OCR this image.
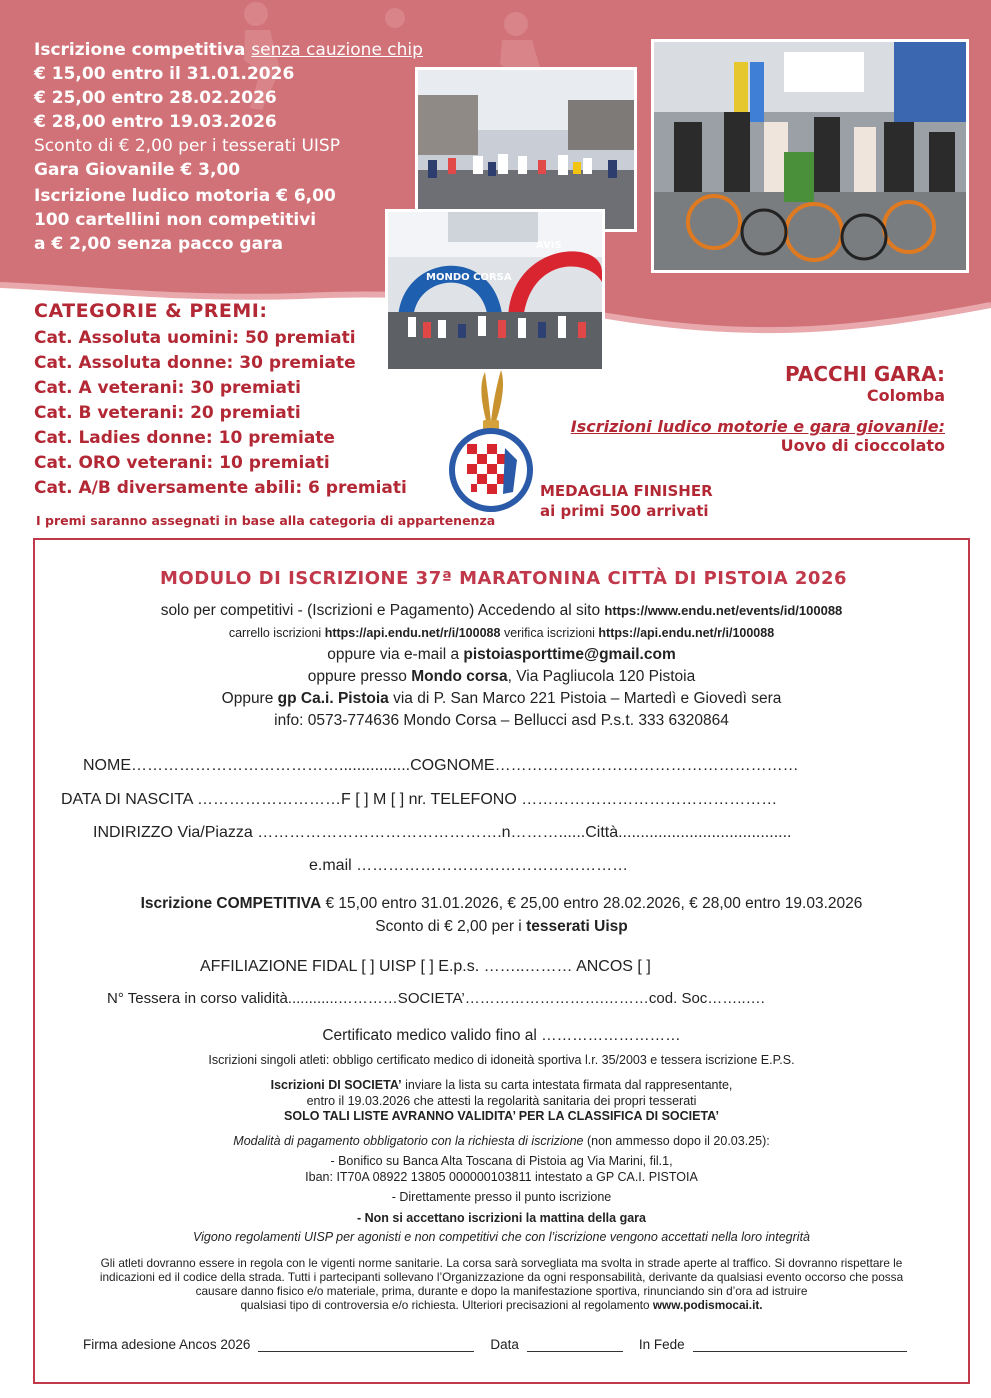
Iscrizione competitiva senza cauzione chip
€ 15,00 entro il 31.01.2026
€ 25,00 entro 28.02.2026
€ 28,00 entro 19.03.2026
Sconto di € 2,00 per i tesserati UISP
Gara Giovanile € 3,00
Iscrizione ludico motoria € 6,00
100 cartellini non competitivi
a € 2,00 senza pacco gara
MONDO CORSA
AVIS
CATEGORIE & PREMI:
Cat. Assoluta uomini: 50 premiati
Cat. Assoluta donne: 30 premiate
Cat. A veterani: 30 premiati
Cat. B veterani: 20 premiati
Cat. Ladies donne: 10 premiate
Cat. ORO veterani: 10 premiati
Cat. A/B diversamente abili: 6 premiati
I premi saranno assegnati in base alla categoria di appartenenza
MEDAGLIA FINISHER
ai primi 500 arrivati
PACCHI GARA:
Colomba
Iscrizioni ludico motorie e gara giovanile:
Uovo di cioccolato
MODULO DI ISCRIZIONE 37ª MARATONINA CITTÀ DI PISTOIA 2026
solo per competitivi - (Iscrizioni e Pagamento) Accedendo al sito https://www.endu.net/events/id/100088
carrello iscrizioni https://api.endu.net/r/i/100088 verifica iscrizioni https://api.endu.net/r/i/100088
oppure via e-mail a pistoiasporttime@gmail.com
oppure presso Mondo corsa, Via Pagliucola 120 Pistoia
Oppure gp Ca.i. Pistoia via di P. San Marco 221 Pistoia – Martedì e Giovedì sera
info: 0573-774636 Mondo Corsa – Bellucci asd P.s.t. 333 6320864
NOME…………………………………................COGNOME…………………………………………………
DATA DI NASCITA ………………………F [ ] M [ ] nr. TELEFONO …………………………………………
INDIRIZZO Via/Piazza ……………………………………….n………......Città.......................................
e.mail ……………………………………………
Iscrizione COMPETITIVA € 15,00 entro 31.01.2026, € 25,00 entro 28.02.2026, € 28,00 entro 19.03.2026
Sconto di € 2,00 per i tesserati Uisp
AFFILIAZIONE FIDAL [ ] UISP [ ] E.p.s. ……..……… ANCOS [ ]
N° Tessera in corso validità............…………SOCIETA’……………………….………cod. Soc……..….
Certificato medico valido fino al ………………………
Iscrizioni singoli atleti: obbligo certificato medico di idoneità sportiva l.r. 35/2003 e tessera iscrizione E.P.S.
Iscrizioni DI SOCIETA’ inviare la lista su carta intestata firmata dal rappresentante,
entro il 19.03.2026 che attesti la regolarità sanitaria dei propri tesserati
SOLO TALI LISTE AVRANNO VALIDITA’ PER LA CLASSIFICA DI SOCIETA’
Modalità di pagamento obbligatorio con la richiesta di iscrizione (non ammesso dopo il 20.03.25):
- Bonifico su Banca Alta Toscana di Pistoia ag Via Marini, fil.1,
Iban: IT70A 08922 13805 000000103811 intestato a GP CA.I. PISTOIA
- Direttamente presso il punto iscrizione
- Non si accettano iscrizioni la mattina della gara
Vigono regolamenti UISP per agonisti e non competitivi che con l’iscrizione vengono accettati nella loro integrità
Gli atleti dovranno essere in regola con le vigenti norme sanitarie. La corsa sarà sorvegliata ma svolta in strade aperte al traffico. Si dovranno rispettare le
indicazioni ed il codice della strada. Tutti i partecipanti sollevano l’Organizzazione da ogni responsabilità, derivante da qualsiasi evento occorso che possa
causare danno fisico e/o materiale, prima, durante e dopo la manifestazione sportiva, rinunciando sin d’ora ad istruire
qualsiasi tipo di controversia e/o richiesta. Ulteriori precisazioni al regolamento www.podismocai.it.
Firma adesione Ancos 2026	Data	In Fede
